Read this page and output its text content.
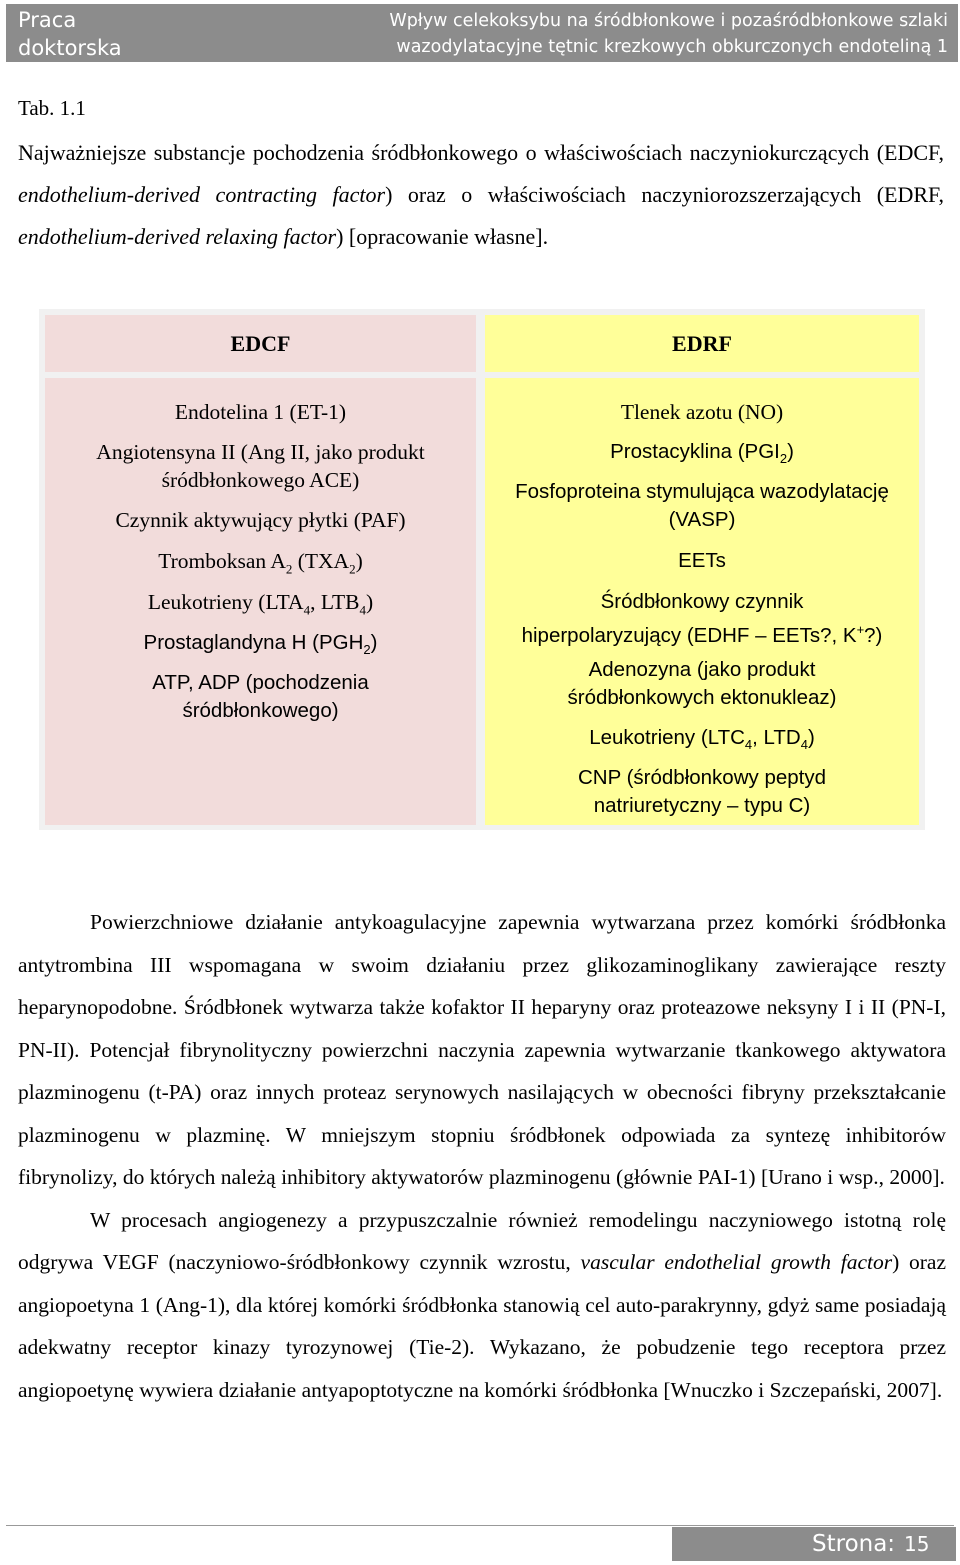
Praca
doktorska
Wpływ celekoksybu na śródbłonkowe i pozaśródbłonkowe szlaki
wazodylatacyjne tętnic krezkowych obkurczonych endoteliną 1
Tab. 1.1
Najważniejsze substancje pochodzenia śródbłonkowego o właściwościach naczyniokurczących (EDCF, endothelium-derived contracting factor) oraz o właściwościach naczyniorozszerzających (EDRF, endothelium-derived relaxing factor) [opracowanie własne].
EDCF	EDRF
Endotelina 1 (ET-1)
Angiotensyna II (Ang II, jako produkt
śródbłonkowego ACE)
Czynnik aktywujący płytki (PAF)
Tromboksan $A_2$ $(TXA_2)$
Leukotrieny ($LTA_4$, $LTB_4$)
Prostaglandyna H $(PGH_2)$
ATP, ADP (pochodzenia
śródbłonkowego)
Tlenek azotu (NO)
Prostacyklina $(PGI_2)$
Fosfoproteina stymulująca wazodylatację
(VASP)
EETs
Śródbłonkowy czynnik
hiperpolaryzujący (EDHF – EETs?, K+?)
Adenozyna (jako produkt
śródbłonkowych ektonukleaz)
Leukotrieny ($LTC_4$, $LTD_4$)
CNP (śródbłonkowy peptyd
natriuretyczny – typu C)

Powierzchniowe działanie antykoagulacyjne zapewnia wytwarzana przez komórki śródbłonka antytrombina III wspomagana w swoim działaniu przez glikozaminoglikany zawierające reszty heparynopodobne. Śródbłonek wytwarza także kofaktor II heparyny oraz proteazowe neksyny I i II (PN-I, PN-II). Potencjał fibrynolityczny powierzchni naczynia zapewnia wytwarzanie tkankowego aktywatora plazminogenu (t-PA) oraz innych proteaz serynowych nasilających w obecności fibryny przekształcanie plazminogenu w plazminę. W mniejszym stopniu śródbłonek odpowiada za syntezę inhibitorów fibrynolizy, do których należą inhibitory aktywatorów plazminogenu (głównie PAI-1) [Urano i wsp., 2000].

W procesach angiogenezy a przypuszczalnie również remodelingu naczyniowego istotną rolę odgrywa VEGF (naczyniowo-śródbłonkowy czynnik wzrostu, vascular endothelial growth factor) oraz angiopoetyna 1 (Ang-1), dla której komórki śródbłonka stanowią cel auto-parakrynny, gdyż same posiadają adekwatny receptor kinazy tyrozynowej (Tie-2). Wykazano, że pobudzenie tego receptora przez angiopoetynę wywiera działanie antyapoptotyczne na komórki śródbłonka [Wnuczko i Szczepański, 2007].

Strona: 15
